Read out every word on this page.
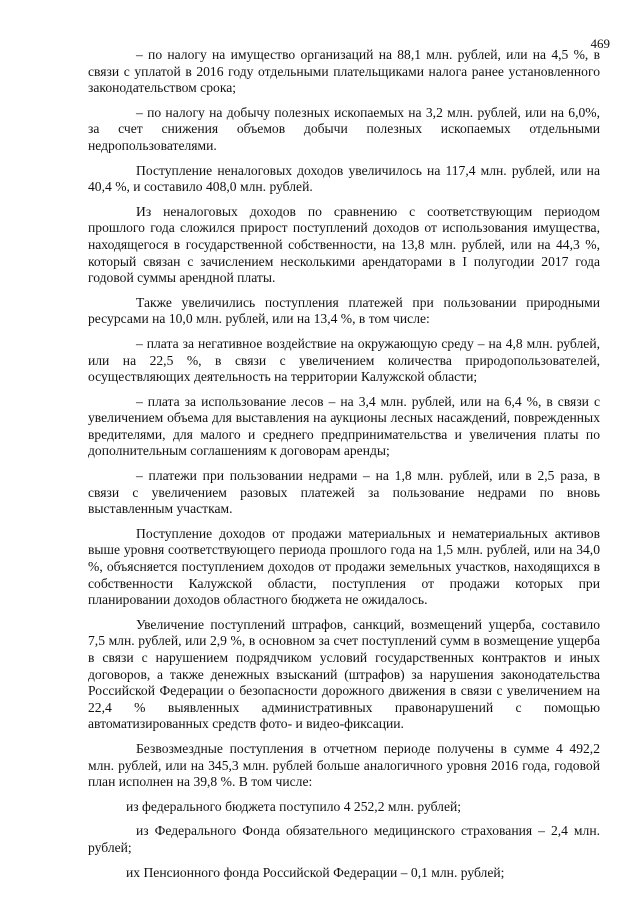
469

– по налогу на имущество организаций на 88,1 млн. рублей, или на 4,5 %, в связи с уплатой в 2016 году отдельными плательщиками налога ранее установленного законодательством срока;

– по налогу на добычу полезных ископаемых на 3,2 млн. рублей, или на 6,0%, за счет снижения объемов добычи полезных ископаемых отдельными недропользователями.

Поступление неналоговых доходов увеличилось на 117,4 млн. рублей, или на 40,4 %, и составило 408,0 млн. рублей.

Из неналоговых доходов по сравнению с соответствующим периодом прошлого года сложился прирост поступлений доходов от использования имущества, находящегося в государственной собственности, на 13,8 млн. рублей, или на 44,3 %, который связан с зачислением несколькими арендаторами в I полугодии 2017 года годовой суммы арендной платы.

Также увеличились поступления платежей при пользовании природными ресурсами на 10,0 млн. рублей, или на 13,4 %, в том числе:

– плата за негативное воздействие на окружающую среду – на 4,8 млн. рублей, или на 22,5 %, в связи с увеличением количества природопользователей, осуществляющих деятельность на территории Калужской области;

– плата за использование лесов – на 3,4 млн. рублей, или на 6,4 %, в связи с увеличением объема для выставления на аукционы лесных насаждений, поврежденных вредителями, для малого и среднего предпринимательства и увеличения платы по дополнительным соглашениям к договорам аренды;

– платежи при пользовании недрами – на 1,8 млн. рублей, или в 2,5 раза, в связи с увеличением разовых платежей за пользование недрами по вновь выставленным участкам.

Поступление доходов от продажи материальных и нематериальных активов выше уровня соответствующего периода прошлого года на 1,5 млн. рублей, или на 34,0 %, объясняется поступлением доходов от продажи земельных участков, находящихся в собственности Калужской области, поступления от продажи которых при планировании доходов областного бюджета не ожидалось.

Увеличение поступлений штрафов, санкций, возмещений ущерба, составило 7,5 млн. рублей, или 2,9 %, в основном за счет поступлений сумм в возмещение ущерба в связи с нарушением подрядчиком условий государственных контрактов и иных договоров, а также денежных взысканий (штрафов) за нарушения законодательства Российской Федерации о безопасности дорожного движения в связи с увеличением на 22,4 % выявленных административных правонарушений с помощью автоматизированных средств фото- и видео-фиксации.

Безвозмездные поступления в отчетном периоде получены в сумме 4 492,2 млн. рублей, или на 345,3 млн. рублей больше аналогичного уровня 2016 года, годовой план исполнен на 39,8 %. В том числе:

из федерального бюджета поступило 4 252,2 млн. рублей;

из Федерального Фонда обязательного медицинского страхования – 2,4 млн. рублей;

их Пенсионного фонда Российской Федерации – 0,1 млн. рублей;
